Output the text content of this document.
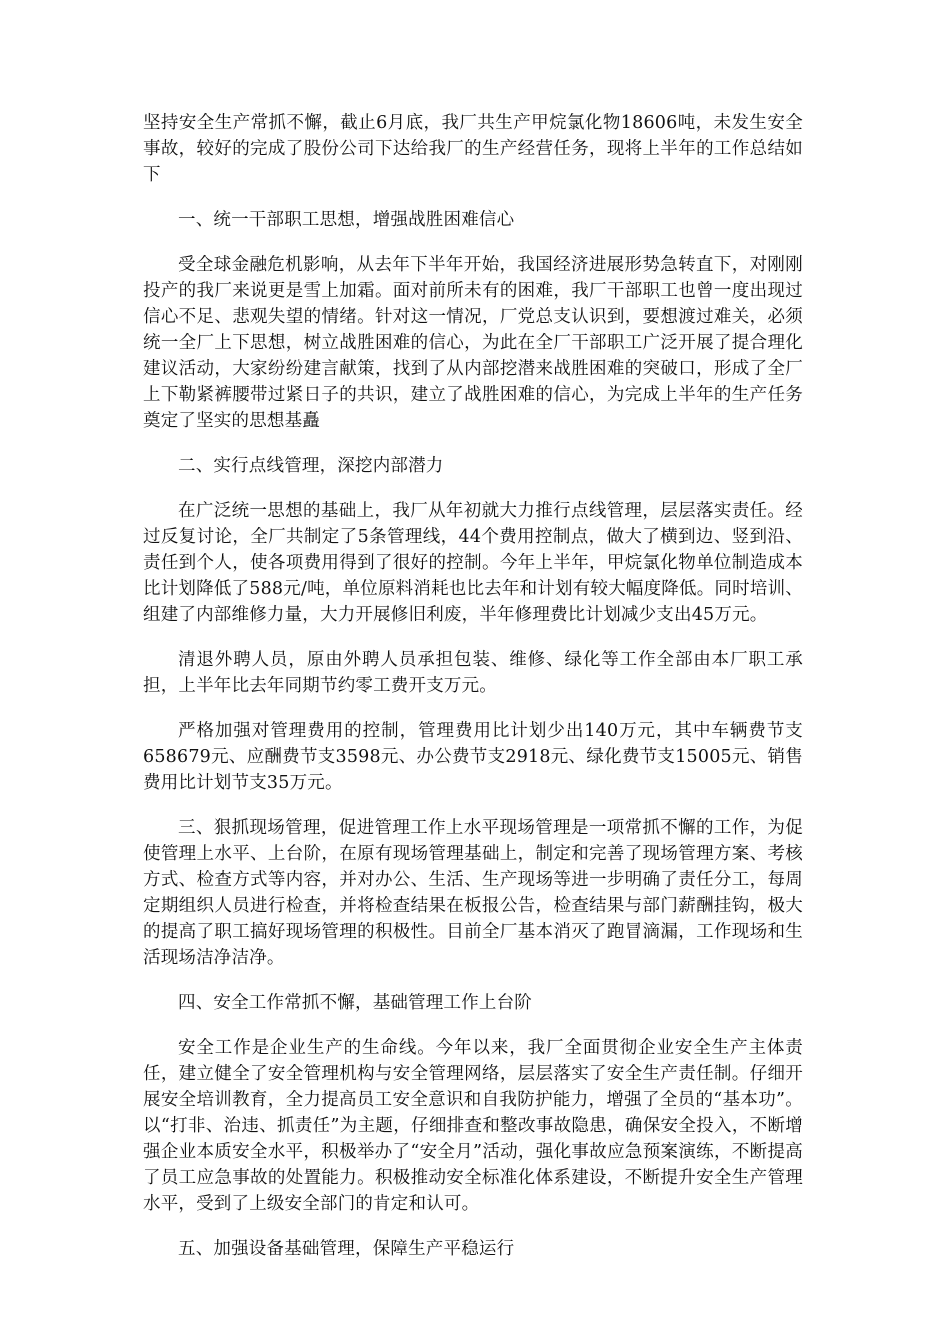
坚持安全生产常抓不懈，截止6月底，我厂共生产甲烷氯化物18606吨，未发生安全事故，较好的完成了股份公司下达给我厂的生产经营任务，现将上半年的工作总结如下

一、统一干部职工思想，增强战胜困难信心

受全球金融危机影响，从去年下半年开始，我国经济进展形势急转直下，对刚刚投产的我厂来说更是雪上加霜。面对前所未有的困难，我厂干部职工也曾一度出现过信心不足、悲观失望的情绪。针对这一情况，厂党总支认识到，要想渡过难关，必须统一全厂上下思想，树立战胜困难的信心，为此在全厂干部职工广泛开展了提合理化建议活动，大家纷纷建言献策，找到了从内部挖潜来战胜困难的突破口，形成了全厂上下勒紧裤腰带过紧日子的共识，建立了战胜困难的信心，为完成上半年的生产任务奠定了坚实的思想基矗

二、实行点线管理，深挖内部潜力

在广泛统一思想的基础上，我厂从年初就大力推行点线管理，层层落实责任。经过反复讨论，全厂共制定了5条管理线，44个费用控制点，做大了横到边、竖到沿、责任到个人，使各项费用得到了很好的控制。今年上半年，甲烷氯化物单位制造成本比计划降低了588元/吨，单位原料消耗也比去年和计划有较大幅度降低。同时培训、组建了内部维修力量，大力开展修旧利废，半年修理费比计划减少支出45万元。

清退外聘人员，原由外聘人员承担包装、维修、绿化等工作全部由本厂职工承担，上半年比去年同期节约零工费开支万元。

严格加强对管理费用的控制，管理费用比计划少出140万元，其中车辆费节支658679元、应酬费节支3598元、办公费节支2918元、绿化费节支15005元、销售费用比计划节支35万元。

三、狠抓现场管理，促进管理工作上水平现场管理是一项常抓不懈的工作，为促使管理上水平、上台阶，在原有现场管理基础上，制定和完善了现场管理方案、考核方式、检查方式等内容，并对办公、生活、生产现场等进一步明确了责任分工，每周定期组织人员进行检查，并将检查结果在板报公告，检查结果与部门薪酬挂钩，极大的提高了职工搞好现场管理的积极性。目前全厂基本消灭了跑冒滴漏，工作现场和生活现场洁净洁净。

四、安全工作常抓不懈，基础管理工作上台阶

安全工作是企业生产的生命线。今年以来，我厂全面贯彻企业安全生产主体责任，建立健全了安全管理机构与安全管理网络，层层落实了安全生产责任制。仔细开展安全培训教育，全力提高员工安全意识和自我防护能力，增强了全员的“基本功”。以“打非、治违、抓责任”为主题，仔细排查和整改事故隐患，确保安全投入，不断增强企业本质安全水平，积极举办了“安全月”活动，强化事故应急预案演练，不断提高了员工应急事故的处置能力。积极推动安全标准化体系建设，不断提升安全生产管理水平，受到了上级安全部门的肯定和认可。

五、加强设备基础管理，保障生产平稳运行
